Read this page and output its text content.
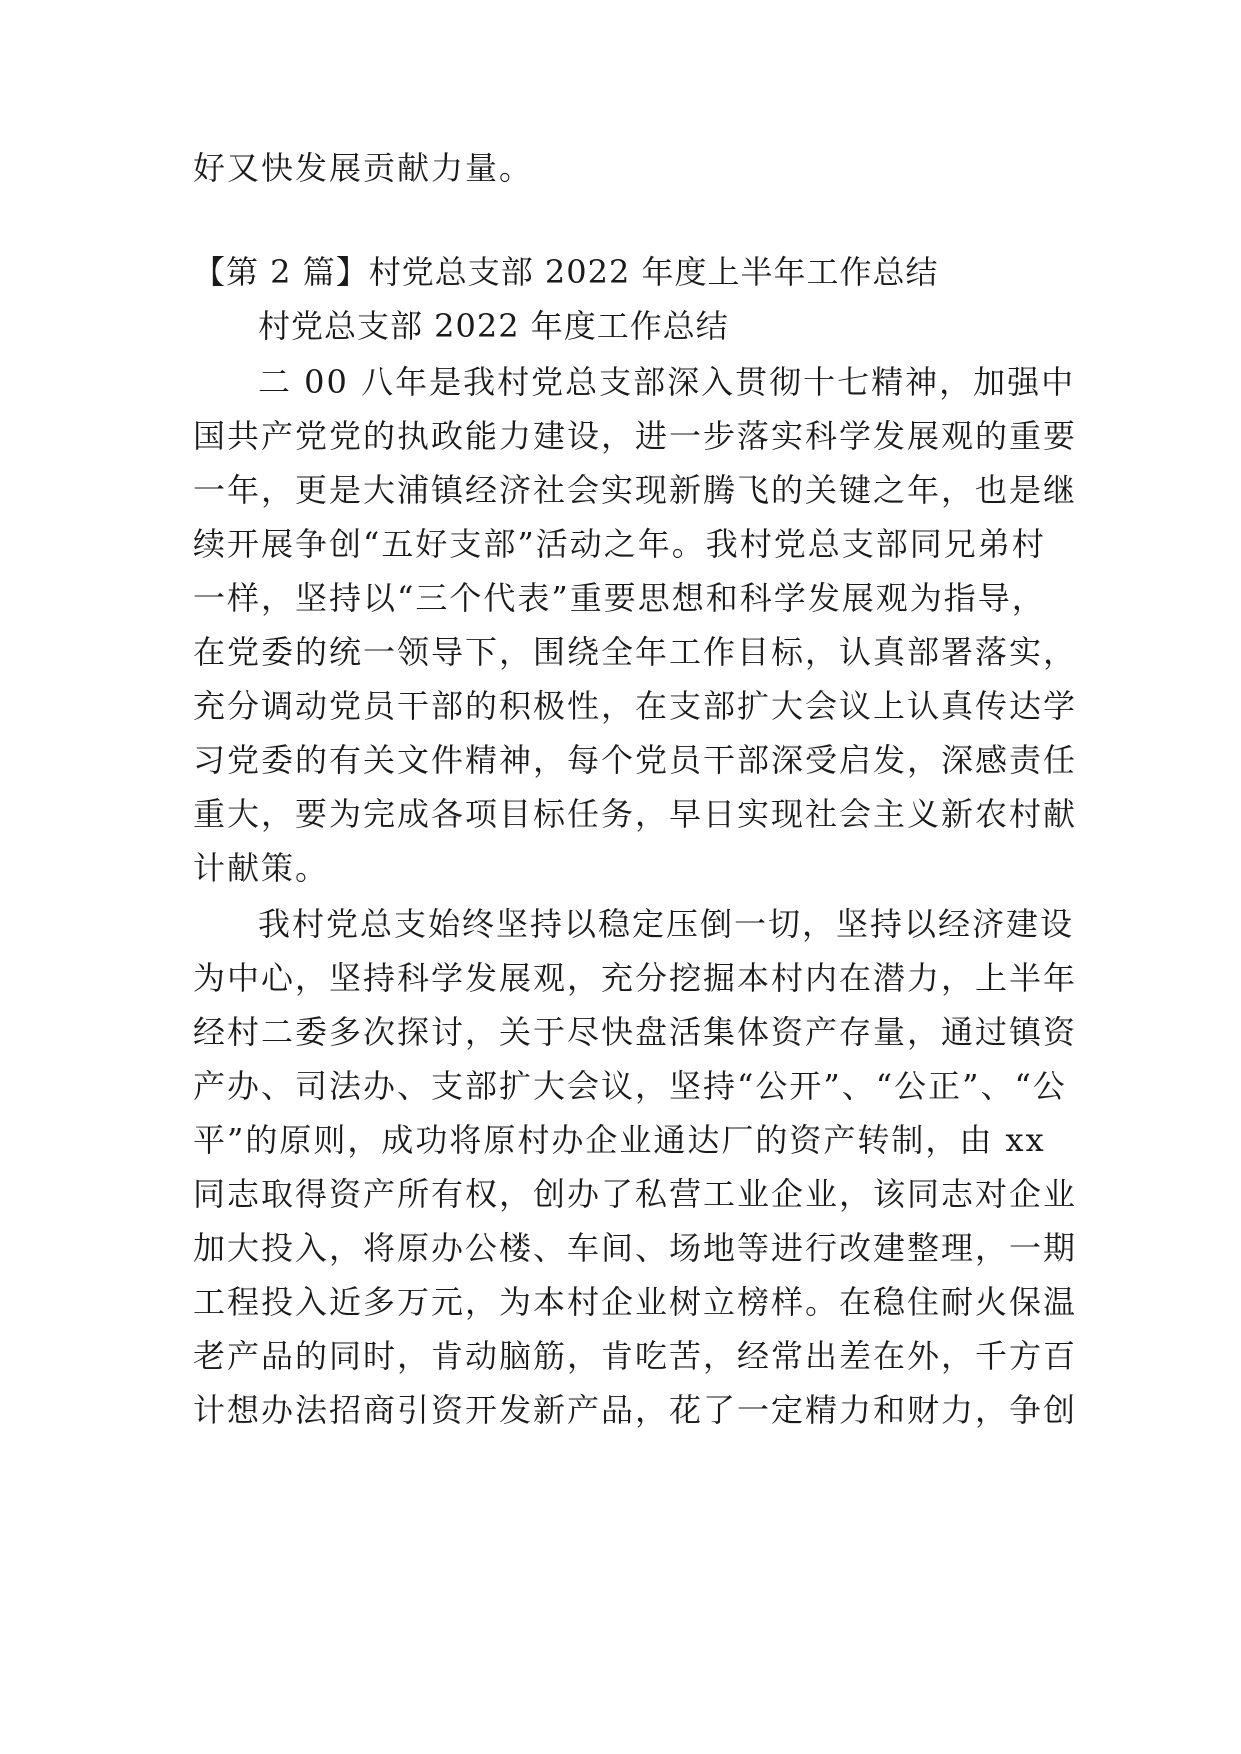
好又快发展贡献力量。
【第 2 篇】村党总支部 2022 年度上半年工作总结
村党总支部 2022 年度工作总结
二 00 八年是我村党总支部深入贯彻十七精神，加强中
国共产党党的执政能力建设，进一步落实科学发展观的重要
一年，更是大浦镇经济社会实现新腾飞的关键之年，也是继
续开展争创“五好支部”活动之年。我村党总支部同兄弟村
一样，坚持以“三个代表”重要思想和科学发展观为指导，
在党委的统一领导下，围绕全年工作目标，认真部署落实，
充分调动党员干部的积极性，在支部扩大会议上认真传达学
习党委的有关文件精神，每个党员干部深受启发，深感责任
重大，要为完成各项目标任务，早日实现社会主义新农村献
计献策。
我村党总支始终坚持以稳定压倒一切，坚持以经济建设
为中心，坚持科学发展观，充分挖掘本村内在潜力，上半年
经村二委多次探讨，关于尽快盘活集体资产存量，通过镇资
产办、司法办、支部扩大会议，坚持“公开”、“公正”、“公
平”的原则，成功将原村办企业通达厂的资产转制，由 xx
同志取得资产所有权，创办了私营工业企业，该同志对企业
加大投入，将原办公楼、车间、场地等进行改建整理，一期
工程投入近多万元，为本村企业树立榜样。在稳住耐火保温
老产品的同时，肯动脑筋，肯吃苦，经常出差在外，千方百
计想办法招商引资开发新产品，花了一定精力和财力，争创
